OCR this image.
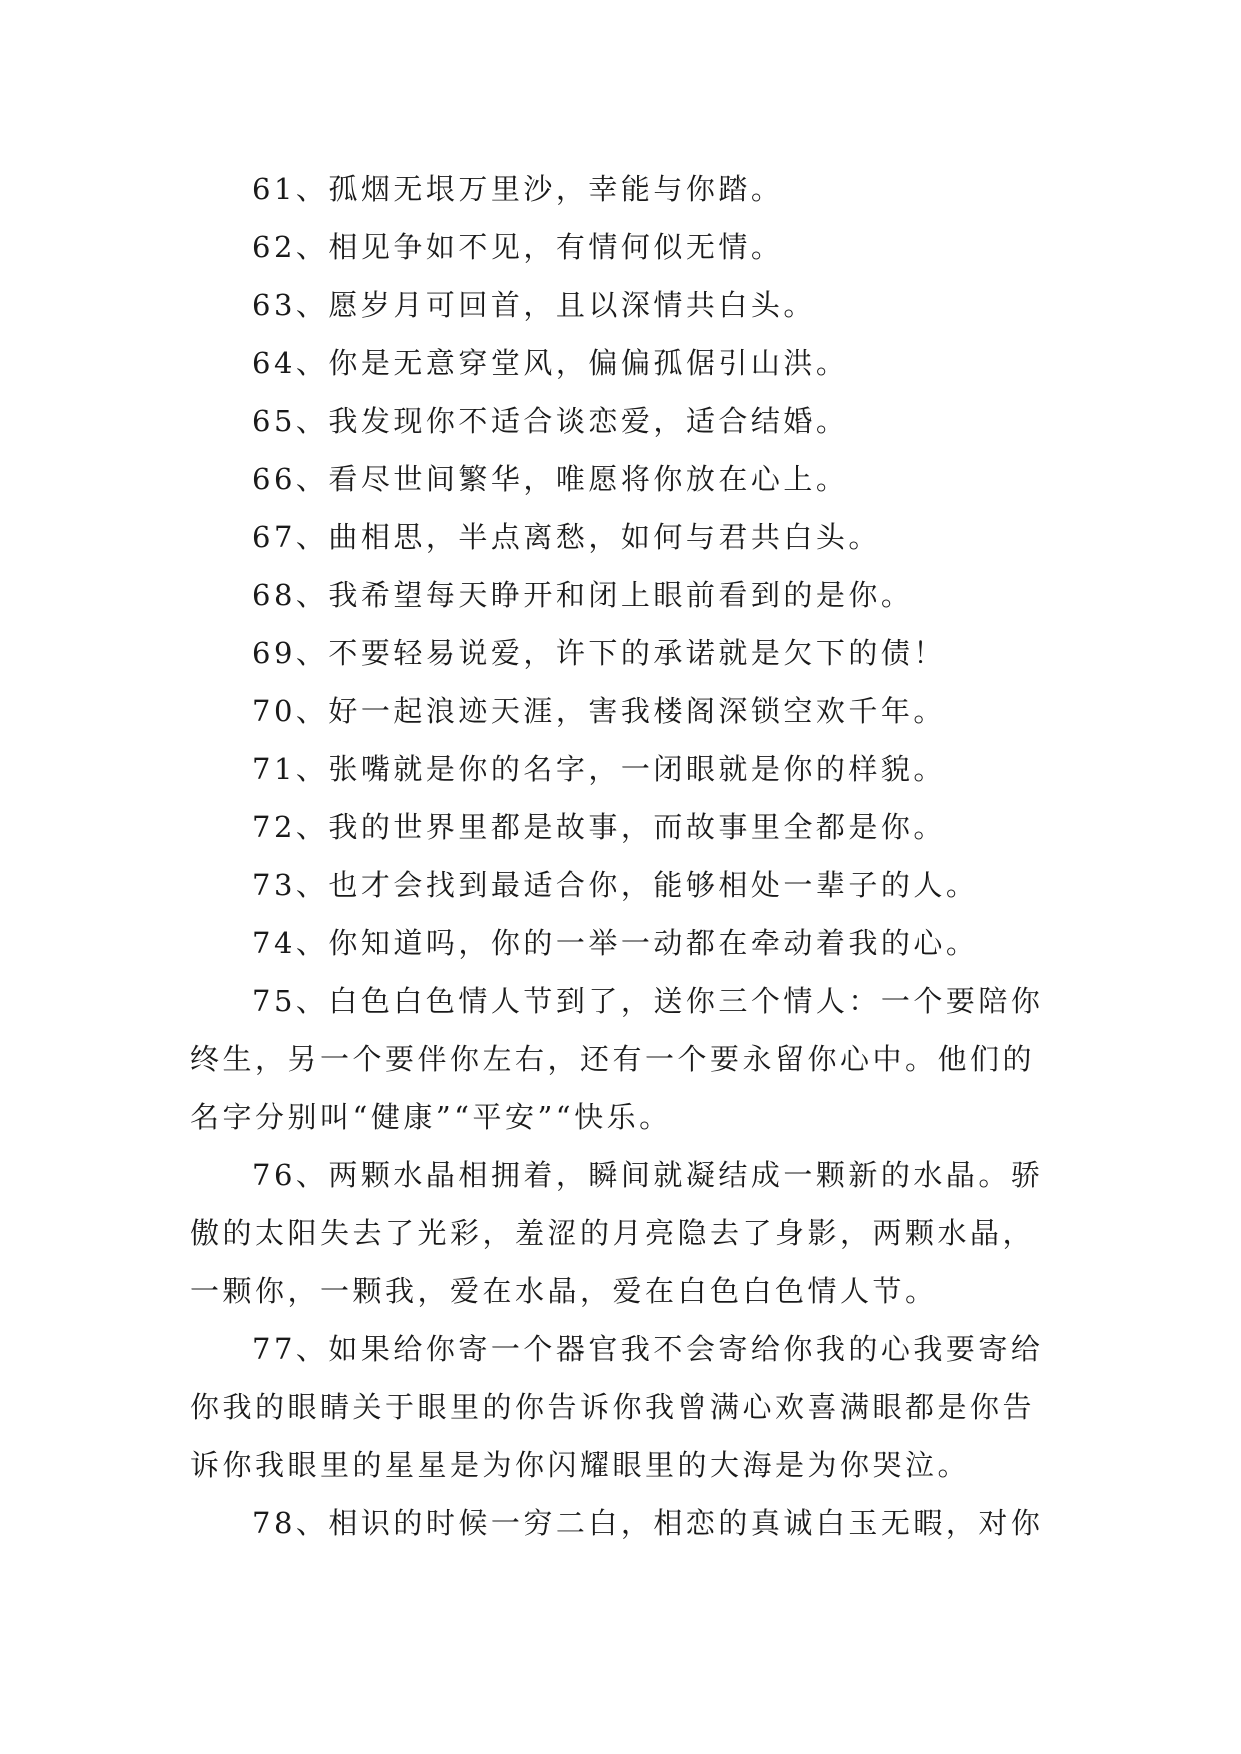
61、孤烟无垠万里沙，幸能与你踏。

62、相见争如不见，有情何似无情。

63、愿岁月可回首，且以深情共白头。

64、你是无意穿堂风，偏偏孤倨引山洪。

65、我发现你不适合谈恋爱，适合结婚。

66、看尽世间繁华，唯愿将你放在心上。

67、曲相思，半点离愁，如何与君共白头。

68、我希望每天睁开和闭上眼前看到的是你。

69、不要轻易说爱，许下的承诺就是欠下的债！

70、好一起浪迹天涯，害我楼阁深锁空欢千年。

71、张嘴就是你的名字，一闭眼就是你的样貌。

72、我的世界里都是故事，而故事里全都是你。

73、也才会找到最适合你，能够相处一辈子的人。

74、你知道吗，你的一举一动都在牵动着我的心。

75、白色白色情人节到了，送你三个情人：一个要陪你终生，另一个要伴你左右，还有一个要永留你心中。他们的名字分别叫“健康”“平安”“快乐。

76、两颗水晶相拥着，瞬间就凝结成一颗新的水晶。骄傲的太阳失去了光彩，羞涩的月亮隐去了身影，两颗水晶，一颗你，一颗我，爱在水晶，爱在白色白色情人节。

77、如果给你寄一个器官我不会寄给你我的心我要寄给你我的眼睛关于眼里的你告诉你我曾满心欢喜满眼都是你告诉你我眼里的星星是为你闪耀眼里的大海是为你哭泣。

78、相识的时候一穷二白，相恋的真诚白玉无暇，对你
